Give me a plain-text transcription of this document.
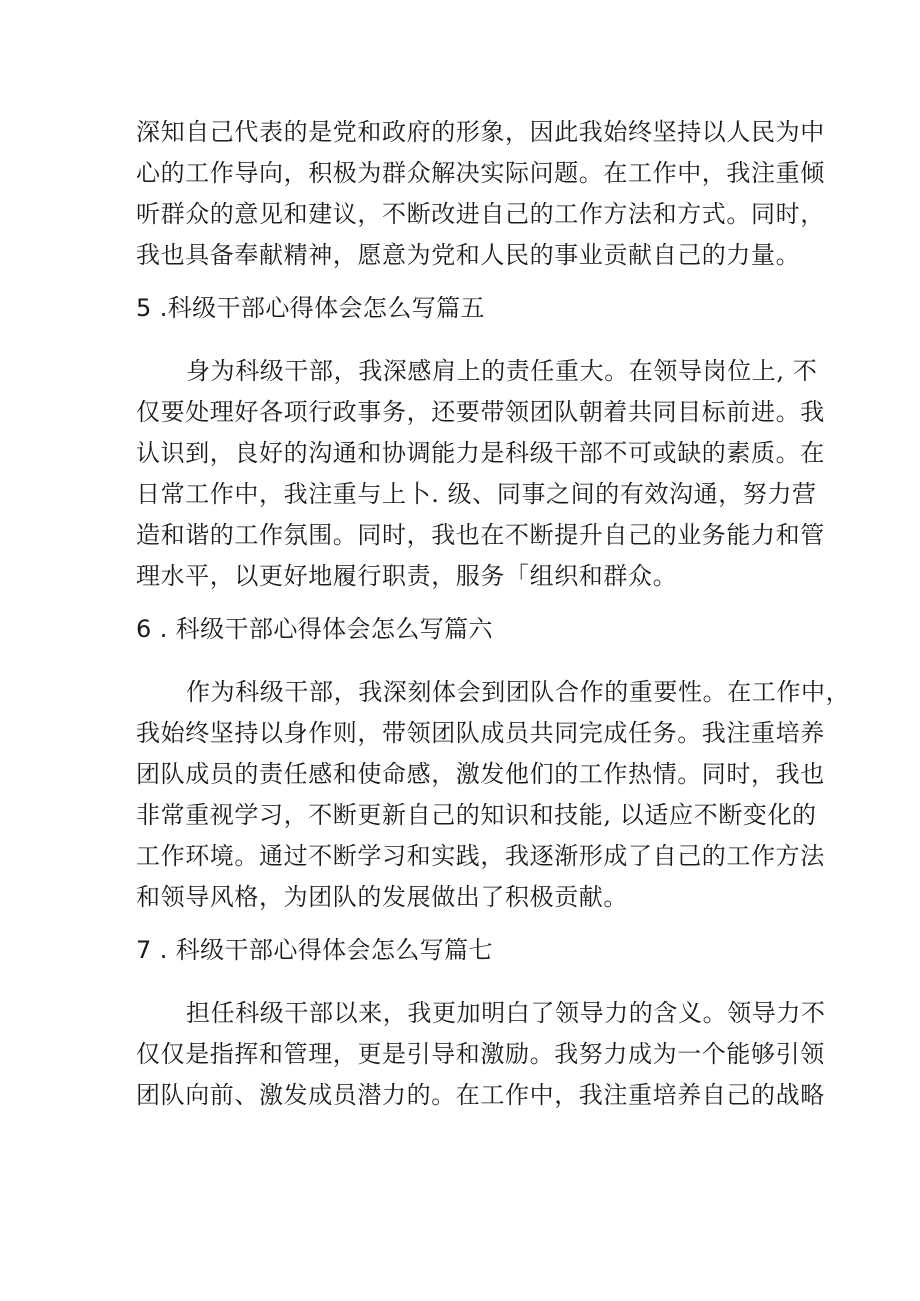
深知自己代表的是党和政府的形象，因此我始终坚持以人民为中
心的工作导向，积极为群众解决实际问题。在工作中，我注重倾
听群众的意见和建议，不断改进自己的工作方法和方式。同时，
我也具备奉献精神，愿意为党和人民的事业贡献自己的力量。
5 .科级干部心得体会怎么写篇五
身为科级干部，我深感肩上的责任重大。在领导岗位上, 不
仅要处理好各项行政事务，还要带领团队朝着共同目标前进。我
认识到，良好的沟通和协调能力是科级干部不可或缺的素质。在
日常工作中，我注重与上卜. 级、同事之间的有效沟通，努力营
造和谐的工作氛围。同时，我也在不断提升自己的业务能力和管
理水平，以更好地履行职责，服务「组织和群众。
6 . 科级干部心得体会怎么写篇六
作为科级干部，我深刻体会到团队合作的重要性。在工作中，
我始终坚持以身作则，带领团队成员共同完成任务。我注重培养
团队成员的责任感和使命感，激发他们的工作热情。同时，我也
非常重视学习，不断更新自己的知识和技能, 以适应不断变化的
工作环境。通过不断学习和实践，我逐渐形成了自己的工作方法
和领导风格，为团队的发展做出了积极贡献。
7 . 科级干部心得体会怎么写篇七
担任科级干部以来，我更加明白了领导力的含义。领导力不
仅仅是指挥和管理，更是引导和激励。我努力成为一个能够引领
团队向前、激发成员潜力的。在工作中，我注重培养自己的战略
